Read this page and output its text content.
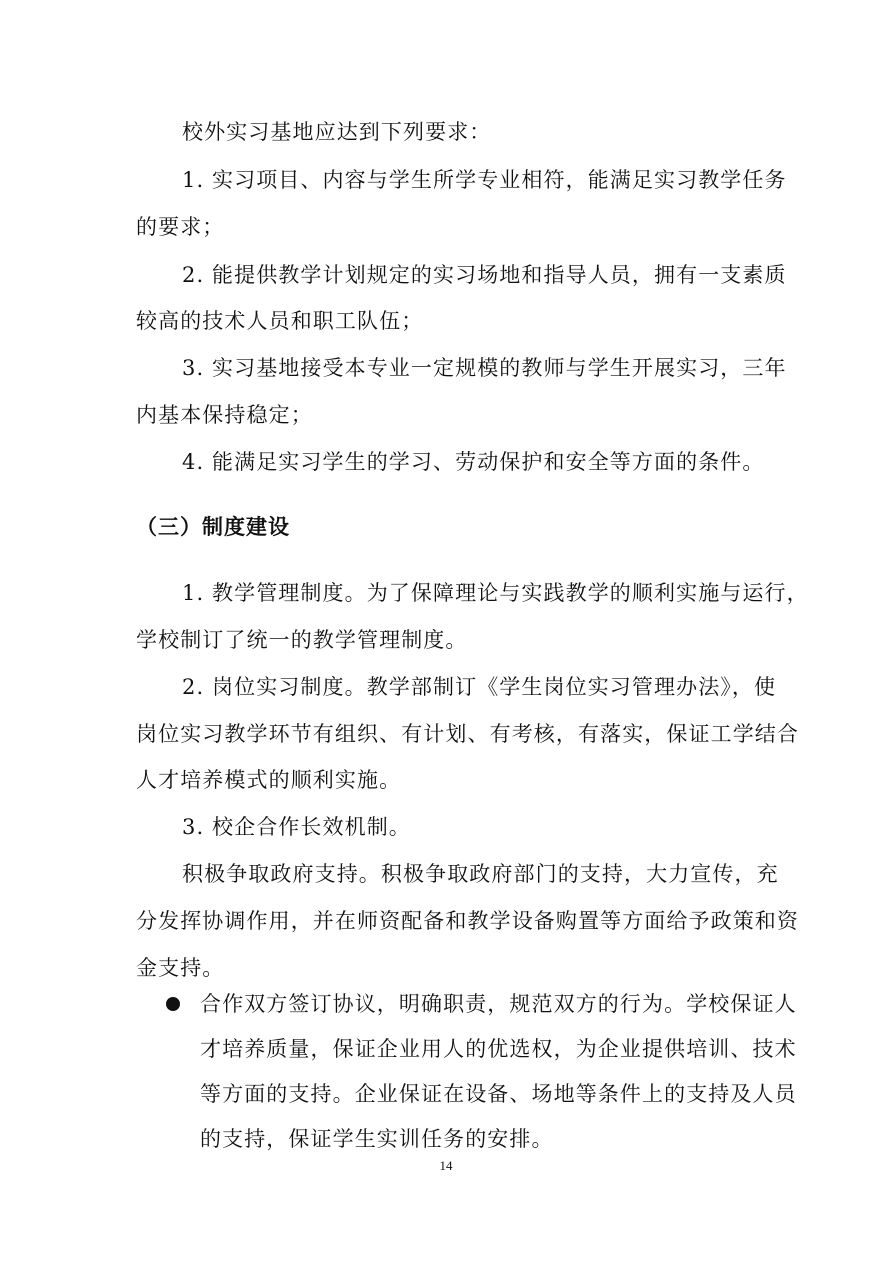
校外实习基地应达到下列要求：
1. 实习项目、内容与学生所学专业相符，能满足实习教学任务
的要求；
2. 能提供教学计划规定的实习场地和指导人员，拥有一支素质
较高的技术人员和职工队伍；
3. 实习基地接受本专业一定规模的教师与学生开展实习，三年
内基本保持稳定；
4. 能满足实习学生的学习、劳动保护和安全等方面的条件。
（三）制度建设
1. 教学管理制度。为了保障理论与实践教学的顺利实施与运行，
学校制订了统一的教学管理制度。
2. 岗位实习制度。教学部制订《学生岗位实习管理办法》，使
岗位实习教学环节有组织、有计划、有考核，有落实，保证工学结合
人才培养模式的顺利实施。
3. 校企合作长效机制。
积极争取政府支持。积极争取政府部门的支持，大力宣传，充
分发挥协调作用，并在师资配备和教学设备购置等方面给予政策和资
金支持。
合作双方签订协议，明确职责，规范双方的行为。学校保证人
才培养质量，保证企业用人的优选权，为企业提供培训、技术
等方面的支持。企业保证在设备、场地等条件上的支持及人员
的支持，保证学生实训任务的安排。
14
